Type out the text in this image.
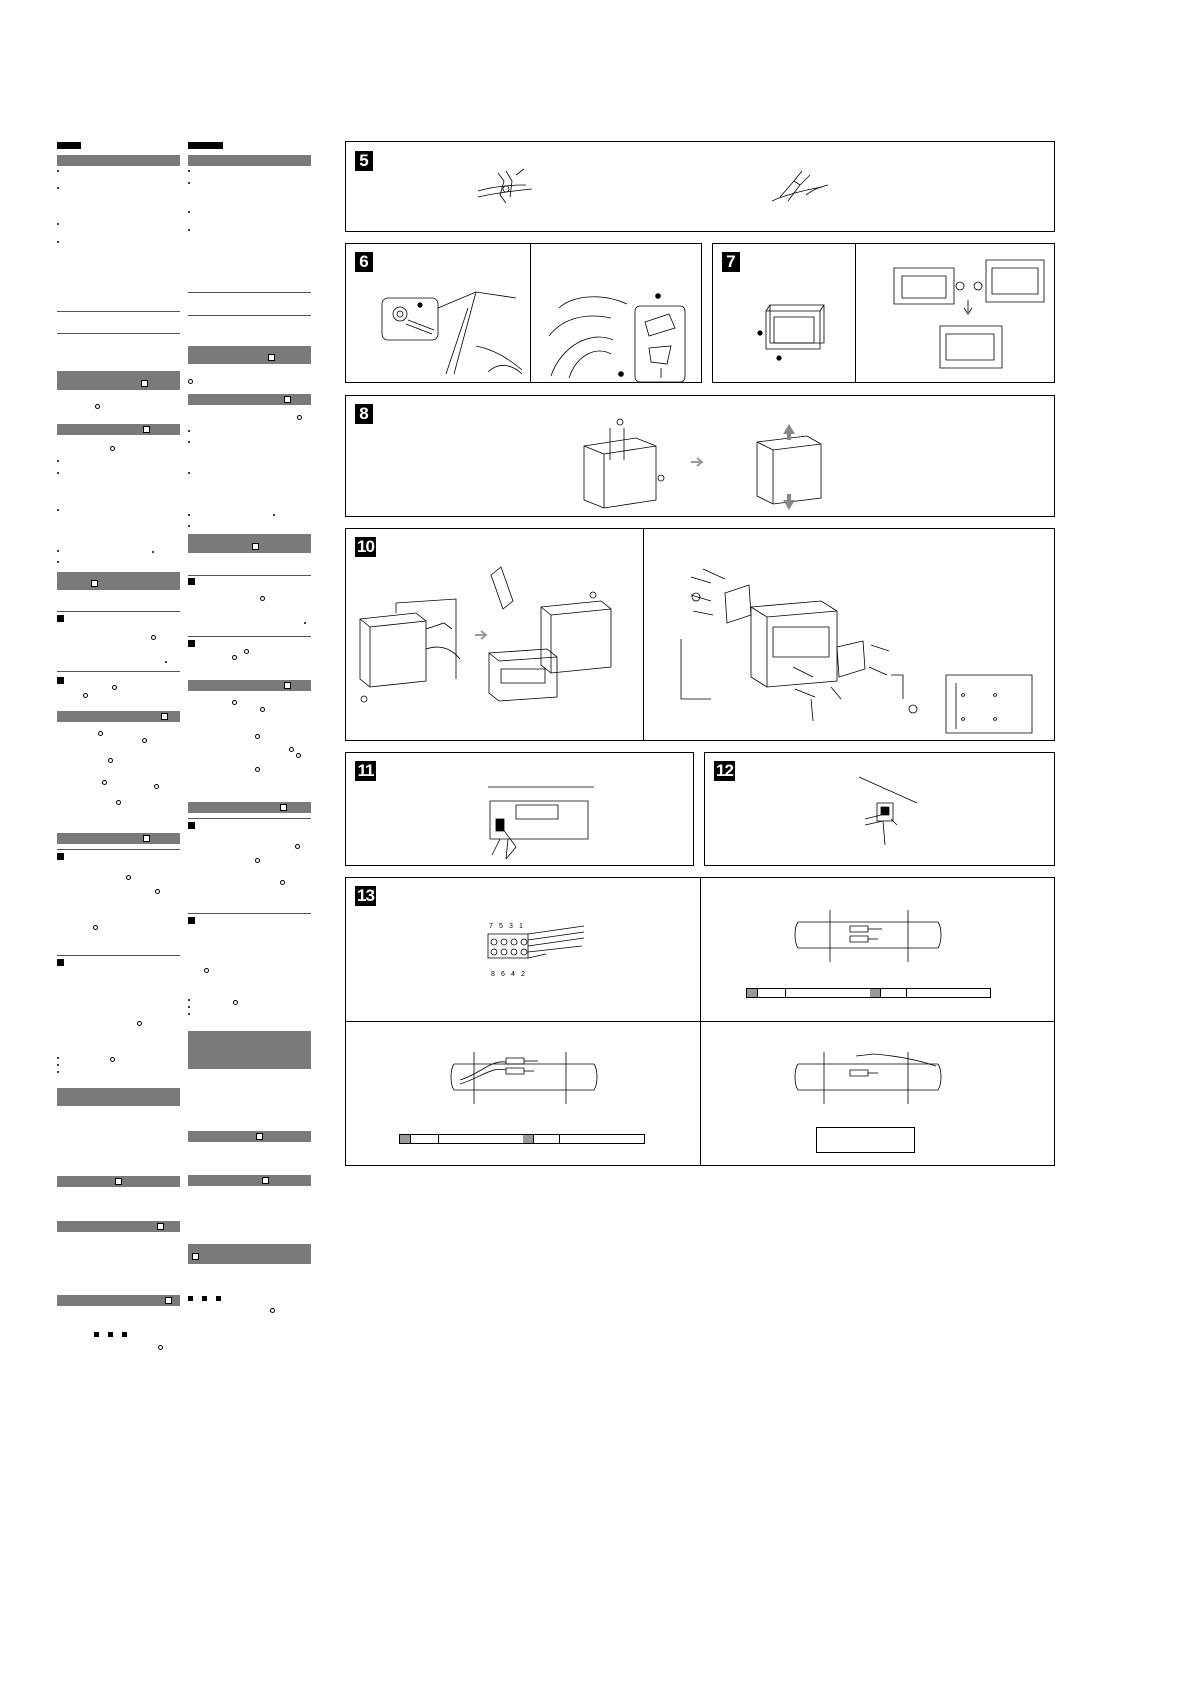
5
6	7
8
10
11	12
13
7 5 3 1
8 6 4 2
